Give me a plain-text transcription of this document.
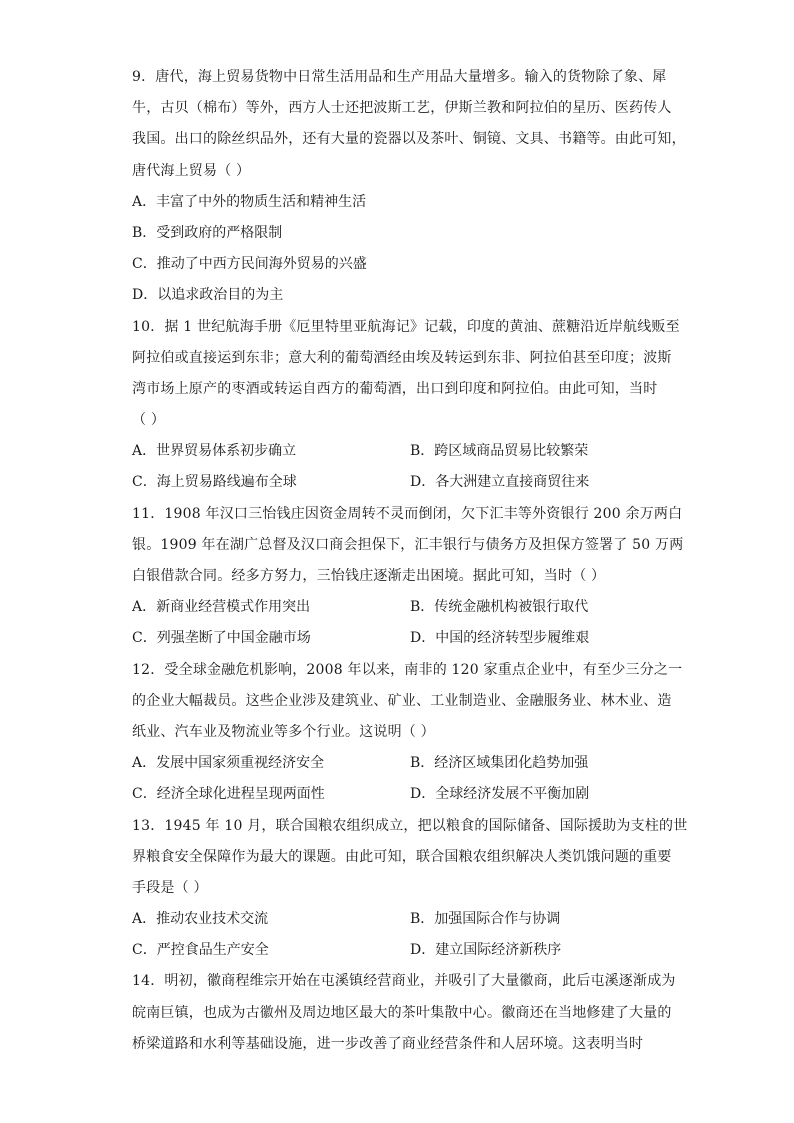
9．唐代，海上贸易货物中日常生活用品和生产用品大量增多。输入的货物除了象、犀
牛，古贝（棉布）等外，西方人士还把波斯工艺，伊斯兰教和阿拉伯的星历、医药传人
我国。出口的除丝织品外，还有大量的瓷器以及茶叶、铜镜、文具、书籍等。由此可知，
唐代海上贸易（ ）
A．丰富了中外的物质生活和精神生活
B．受到政府的严格限制
C．推动了中西方民间海外贸易的兴盛
D．以追求政治目的为主
10．据 1 世纪航海手册《厄里特里亚航海记》记载，印度的黄油、蔗糖沿近岸航线贩至
阿拉伯或直接运到东非；意大利的葡萄酒经由埃及转运到东非、阿拉伯甚至印度；波斯
湾市场上原产的枣酒或转运自西方的葡萄酒，出口到印度和阿拉伯。由此可知，当时
（ ）
A．世界贸易体系初步确立	B．跨区域商品贸易比较繁荣
C．海上贸易路线遍布全球	D．各大洲建立直接商贸往来
11．1908 年汉口三怡钱庄因资金周转不灵而倒闭，欠下汇丰等外资银行 200 余万两白
银。1909 年在湖广总督及汉口商会担保下，汇丰银行与债务方及担保方签署了 50 万两
白银借款合同。经多方努力，三怡钱庄逐渐走出困境。据此可知，当时（ ）
A．新商业经营模式作用突出	B．传统金融机构被银行取代
C．列强垄断了中国金融市场	D．中国的经济转型步履维艰
12．受全球金融危机影响，2008 年以来，南非的 120 家重点企业中，有至少三分之一
的企业大幅裁员。这些企业涉及建筑业、矿业、工业制造业、金融服务业、林木业、造
纸业、汽车业及物流业等多个行业。这说明（ ）
A．发展中国家须重视经济安全	B．经济区域集团化趋势加强
C．经济全球化进程呈现两面性	D．全球经济发展不平衡加剧
13．1945 年 10 月，联合国粮农组织成立，把以粮食的国际储备、国际援助为支柱的世
界粮食安全保障作为最大的课题。由此可知，联合国粮农组织解决人类饥饿问题的重要
手段是（ ）
A．推动农业技术交流	B．加强国际合作与协调
C．严控食品生产安全	D．建立国际经济新秩序
14．明初，徽商程维宗开始在屯溪镇经营商业，并吸引了大量徽商，此后屯溪逐渐成为
皖南巨镇，也成为古徽州及周边地区最大的茶叶集散中心。徽商还在当地修建了大量的
桥梁道路和水利等基础设施，进一步改善了商业经营条件和人居环境。这表明当时
